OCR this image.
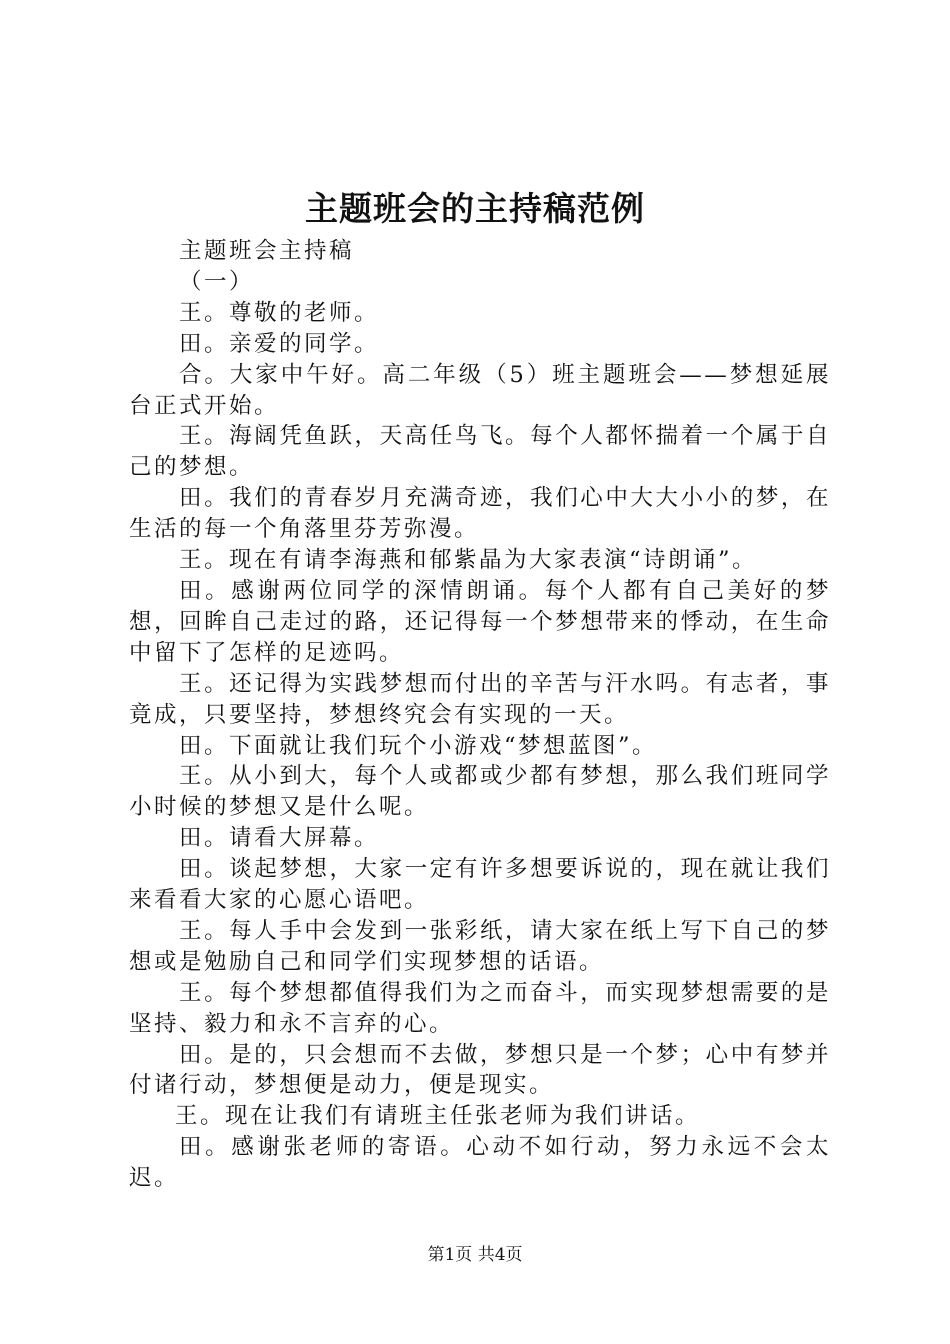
主题班会的主持稿范例

主题班会主持稿

（一）

王。尊敬的老师。

田。亲爱的同学。

合。大家中午好。高二年级（5）班主题班会——梦想延展台正式开始。

王。海阔凭鱼跃，天高任鸟飞。每个人都怀揣着一个属于自己的梦想。

田。我们的青春岁月充满奇迹，我们心中大大小小的梦，在生活的每一个角落里芬芳弥漫。

王。现在有请李海燕和郁紫晶为大家表演“诗朗诵”。

田。感谢两位同学的深情朗诵。每个人都有自己美好的梦想，回眸自己走过的路，还记得每一个梦想带来的悸动，在生命中留下了怎样的足迹吗。

王。还记得为实践梦想而付出的辛苦与汗水吗。有志者，事竟成，只要坚持，梦想终究会有实现的一天。

田。下面就让我们玩个小游戏“梦想蓝图”。

王。从小到大，每个人或都或少都有梦想，那么我们班同学小时候的梦想又是什么呢。

田。请看大屏幕。

田。谈起梦想，大家一定有许多想要诉说的，现在就让我们来看看大家的心愿心语吧。

王。每人手中会发到一张彩纸，请大家在纸上写下自己的梦想或是勉励自己和同学们实现梦想的话语。

王。每个梦想都值得我们为之而奋斗，而实现梦想需要的是坚持、毅力和永不言弃的心。

田。是的，只会想而不去做，梦想只是一个梦；心中有梦并付诸行动，梦想便是动力，便是现实。

王。现在让我们有请班主任张老师为我们讲话。

田。感谢张老师的寄语。心动不如行动，努力永远不会太迟。

第1页 共4页
